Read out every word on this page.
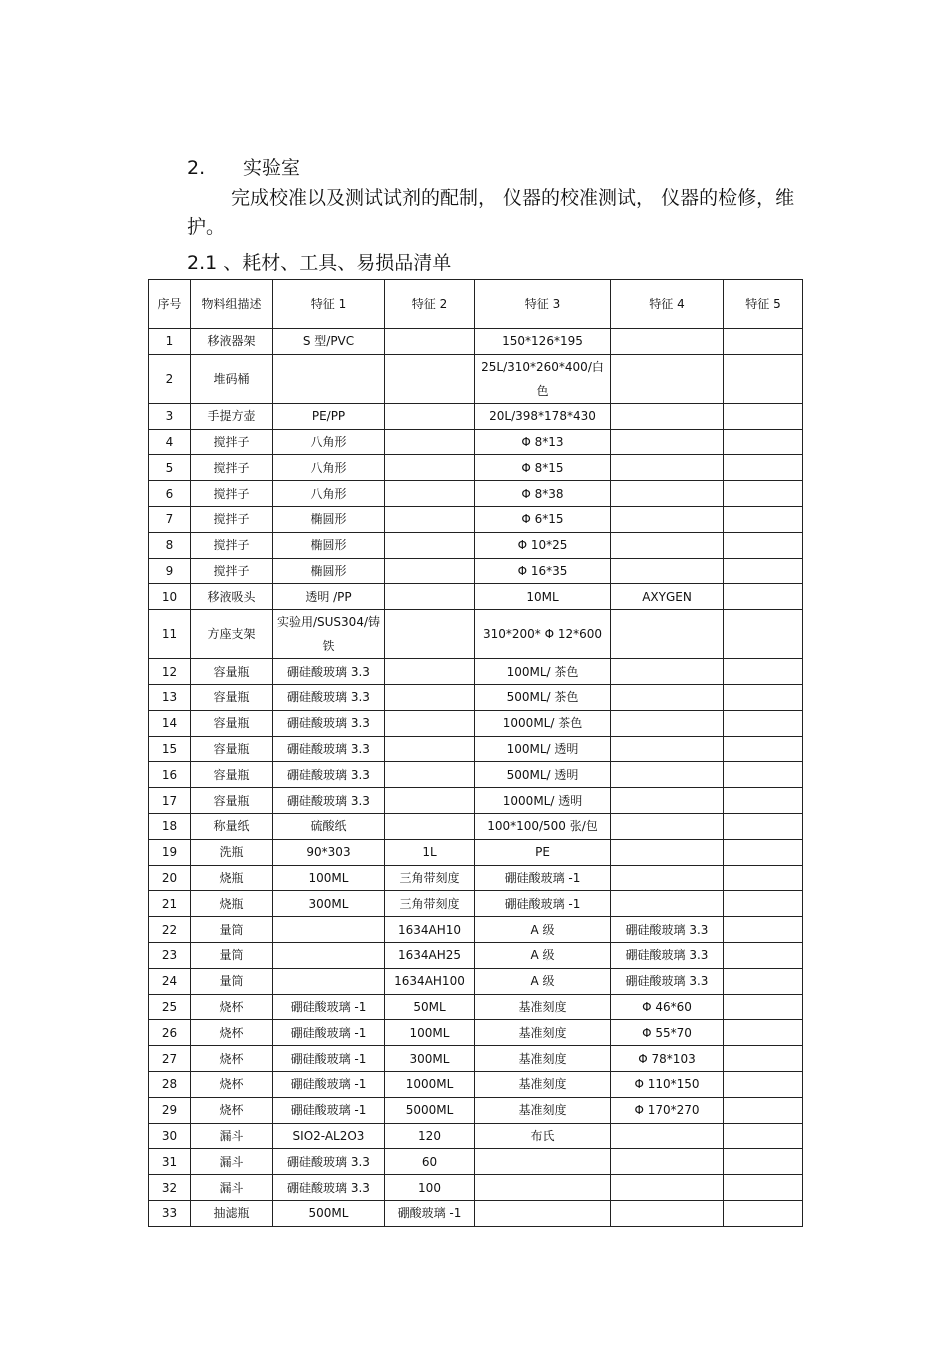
2. 实验室
完成校准以及测试试剂的配制， 仪器的校准测试， 仪器的检修，维护。
2.1 、耗材、工具、易损品清单
序号	物料组描述	特征 1	特征 2	特征 3	特征 4	特征 5
1	移液器架	S 型/PVC		150*126*195		
2	堆码桶			25L/310*260*400/白色		
3	手提方壶	PE/PP		20L/398*178*430		
4	搅拌子	八角形		Φ 8*13		
5	搅拌子	八角形		Φ 8*15		
6	搅拌子	八角形		Φ 8*38		
7	搅拌子	椭圆形		Φ 6*15		
8	搅拌子	椭圆形		Φ 10*25		
9	搅拌子	椭圆形		Φ 16*35		
10	移液吸头	透明 /PP		10ML	AXYGEN	
11	方座支架	实验用/SUS304/铸铁		310*200* Φ 12*600		
12	容量瓶	硼硅酸玻璃 3.3		100ML/ 茶色		
13	容量瓶	硼硅酸玻璃 3.3		500ML/ 茶色		
14	容量瓶	硼硅酸玻璃 3.3		1000ML/ 茶色		
15	容量瓶	硼硅酸玻璃 3.3		100ML/ 透明		
16	容量瓶	硼硅酸玻璃 3.3		500ML/ 透明		
17	容量瓶	硼硅酸玻璃 3.3		1000ML/ 透明		
18	称量纸	硫酸纸		100*100/500 张/包		
19	洗瓶	90*303	1L	PE		
20	烧瓶	100ML	三角带刻度	硼硅酸玻璃 -1		
21	烧瓶	300ML	三角带刻度	硼硅酸玻璃 -1		
22	量筒		1634AH10	A 级	硼硅酸玻璃 3.3	
23	量筒		1634AH25	A 级	硼硅酸玻璃 3.3	
24	量筒		1634AH100	A 级	硼硅酸玻璃 3.3	
25	烧杯	硼硅酸玻璃 -1	50ML	基准刻度	Φ 46*60	
26	烧杯	硼硅酸玻璃 -1	100ML	基准刻度	Φ 55*70	
27	烧杯	硼硅酸玻璃 -1	300ML	基准刻度	Φ 78*103	
28	烧杯	硼硅酸玻璃 -1	1000ML	基准刻度	Φ 110*150	
29	烧杯	硼硅酸玻璃 -1	5000ML	基准刻度	Φ 170*270	
30	漏斗	SIO2-AL2O3	120	布氏		
31	漏斗	硼硅酸玻璃 3.3	60			
32	漏斗	硼硅酸玻璃 3.3	100			
33	抽滤瓶	500ML	硼酸玻璃 -1			
